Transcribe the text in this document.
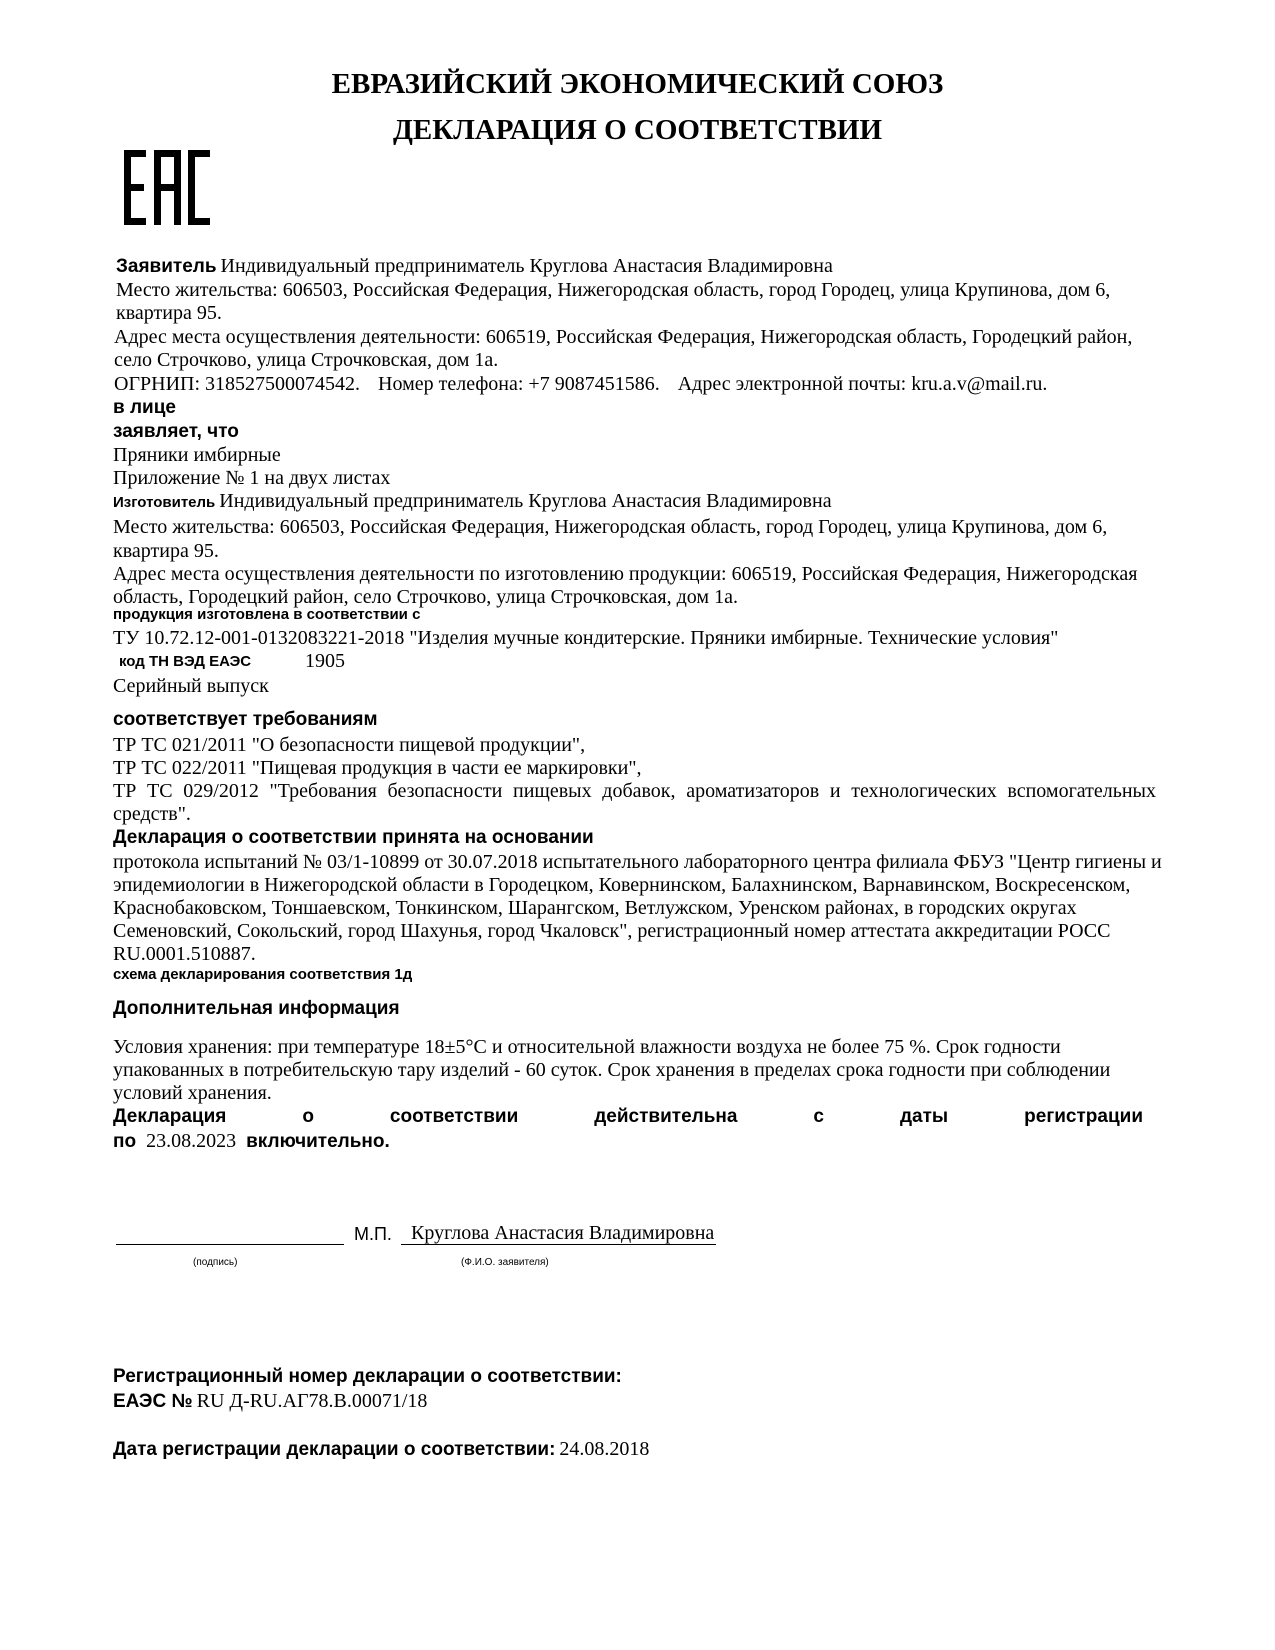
ЕВРАЗИЙСКИЙ ЭКОНОМИЧЕСКИЙ СОЮЗ
ДЕКЛАРАЦИЯ О СООТВЕТСТВИИ
Заявитель Индивидуальный предприниматель Круглова Анастасия Владимировна
Место жительства: 606503, Российская Федерация, Нижегородская область, город Городец, улица Крупинова, дом 6,
квартира 95.
Адрес места осуществления деятельности: 606519, Российская Федерация, Нижегородская область, Городецкий район,
село Строчково, улица Строчковская, дом 1а.
ОГРНИП: 318527500074542. Номер телефона: +7 9087451586. Адрес электронной почты: kru.a.v@mail.ru.
в лице
заявляет, что
Пряники имбирные
Приложение № 1 на двух листах
Изготовитель Индивидуальный предприниматель Круглова Анастасия Владимировна
Место жительства: 606503, Российская Федерация, Нижегородская область, город Городец, улица Крупинова, дом 6,
квартира 95.
Адрес места осуществления деятельности по изготовлению продукции: 606519, Российская Федерация, Нижегородская
область, Городецкий район, село Строчково, улица Строчковская, дом 1а.
продукция изготовлена в соответствии с
ТУ 10.72.12-001-0132083221-2018 "Изделия мучные кондитерские. Пряники имбирные. Технические условия"
код ТН ВЭД ЕАЭС	1905
Серийный выпуск
соответствует требованиям
ТР ТС 021/2011 "О безопасности пищевой продукции",
ТР ТС 022/2011 "Пищевая продукция в части ее маркировки",
ТР ТС 029/2012 "Требования безопасности пищевых добавок, ароматизаторов и технологических вспомогательных
средств".
Декларация о соответствии принята на основании
протокола испытаний № 03/1-10899 от 30.07.2018 испытательного лабораторного центра филиала ФБУЗ "Центр гигиены и
эпидемиологии в Нижегородской области в Городецком, Ковернинском, Балахнинском, Варнавинском, Воскресенском,
Краснобаковском, Тоншаевском, Тонкинском, Шарангском, Ветлужском, Уренском районах, в городских округах
Семеновский, Сокольский, город Шахунья, город Чкаловск", регистрационный номер аттестата аккредитации РОСС
RU.0001.510887.
схема декларирования соответствия 1д
Дополнительная информация
Условия хранения: при температуре 18±5°С и относительной влажности воздуха не более 75 %. Срок годности
упакованных в потребительскую тару изделий - 60 суток. Срок хранения в пределах срока годности при соблюдении
условий хранения.
Декларация о соответствии действительна с даты регистрации
по 23.08.2023 включительно.
М.П. Круглова Анастасия Владимировна
(подпись)	(Ф.И.О. заявителя)
Регистрационный номер декларации о соответствии:
ЕАЭС № RU Д-RU.АГ78.В.00071/18
Дата регистрации декларации о соответствии: 24.08.2018
